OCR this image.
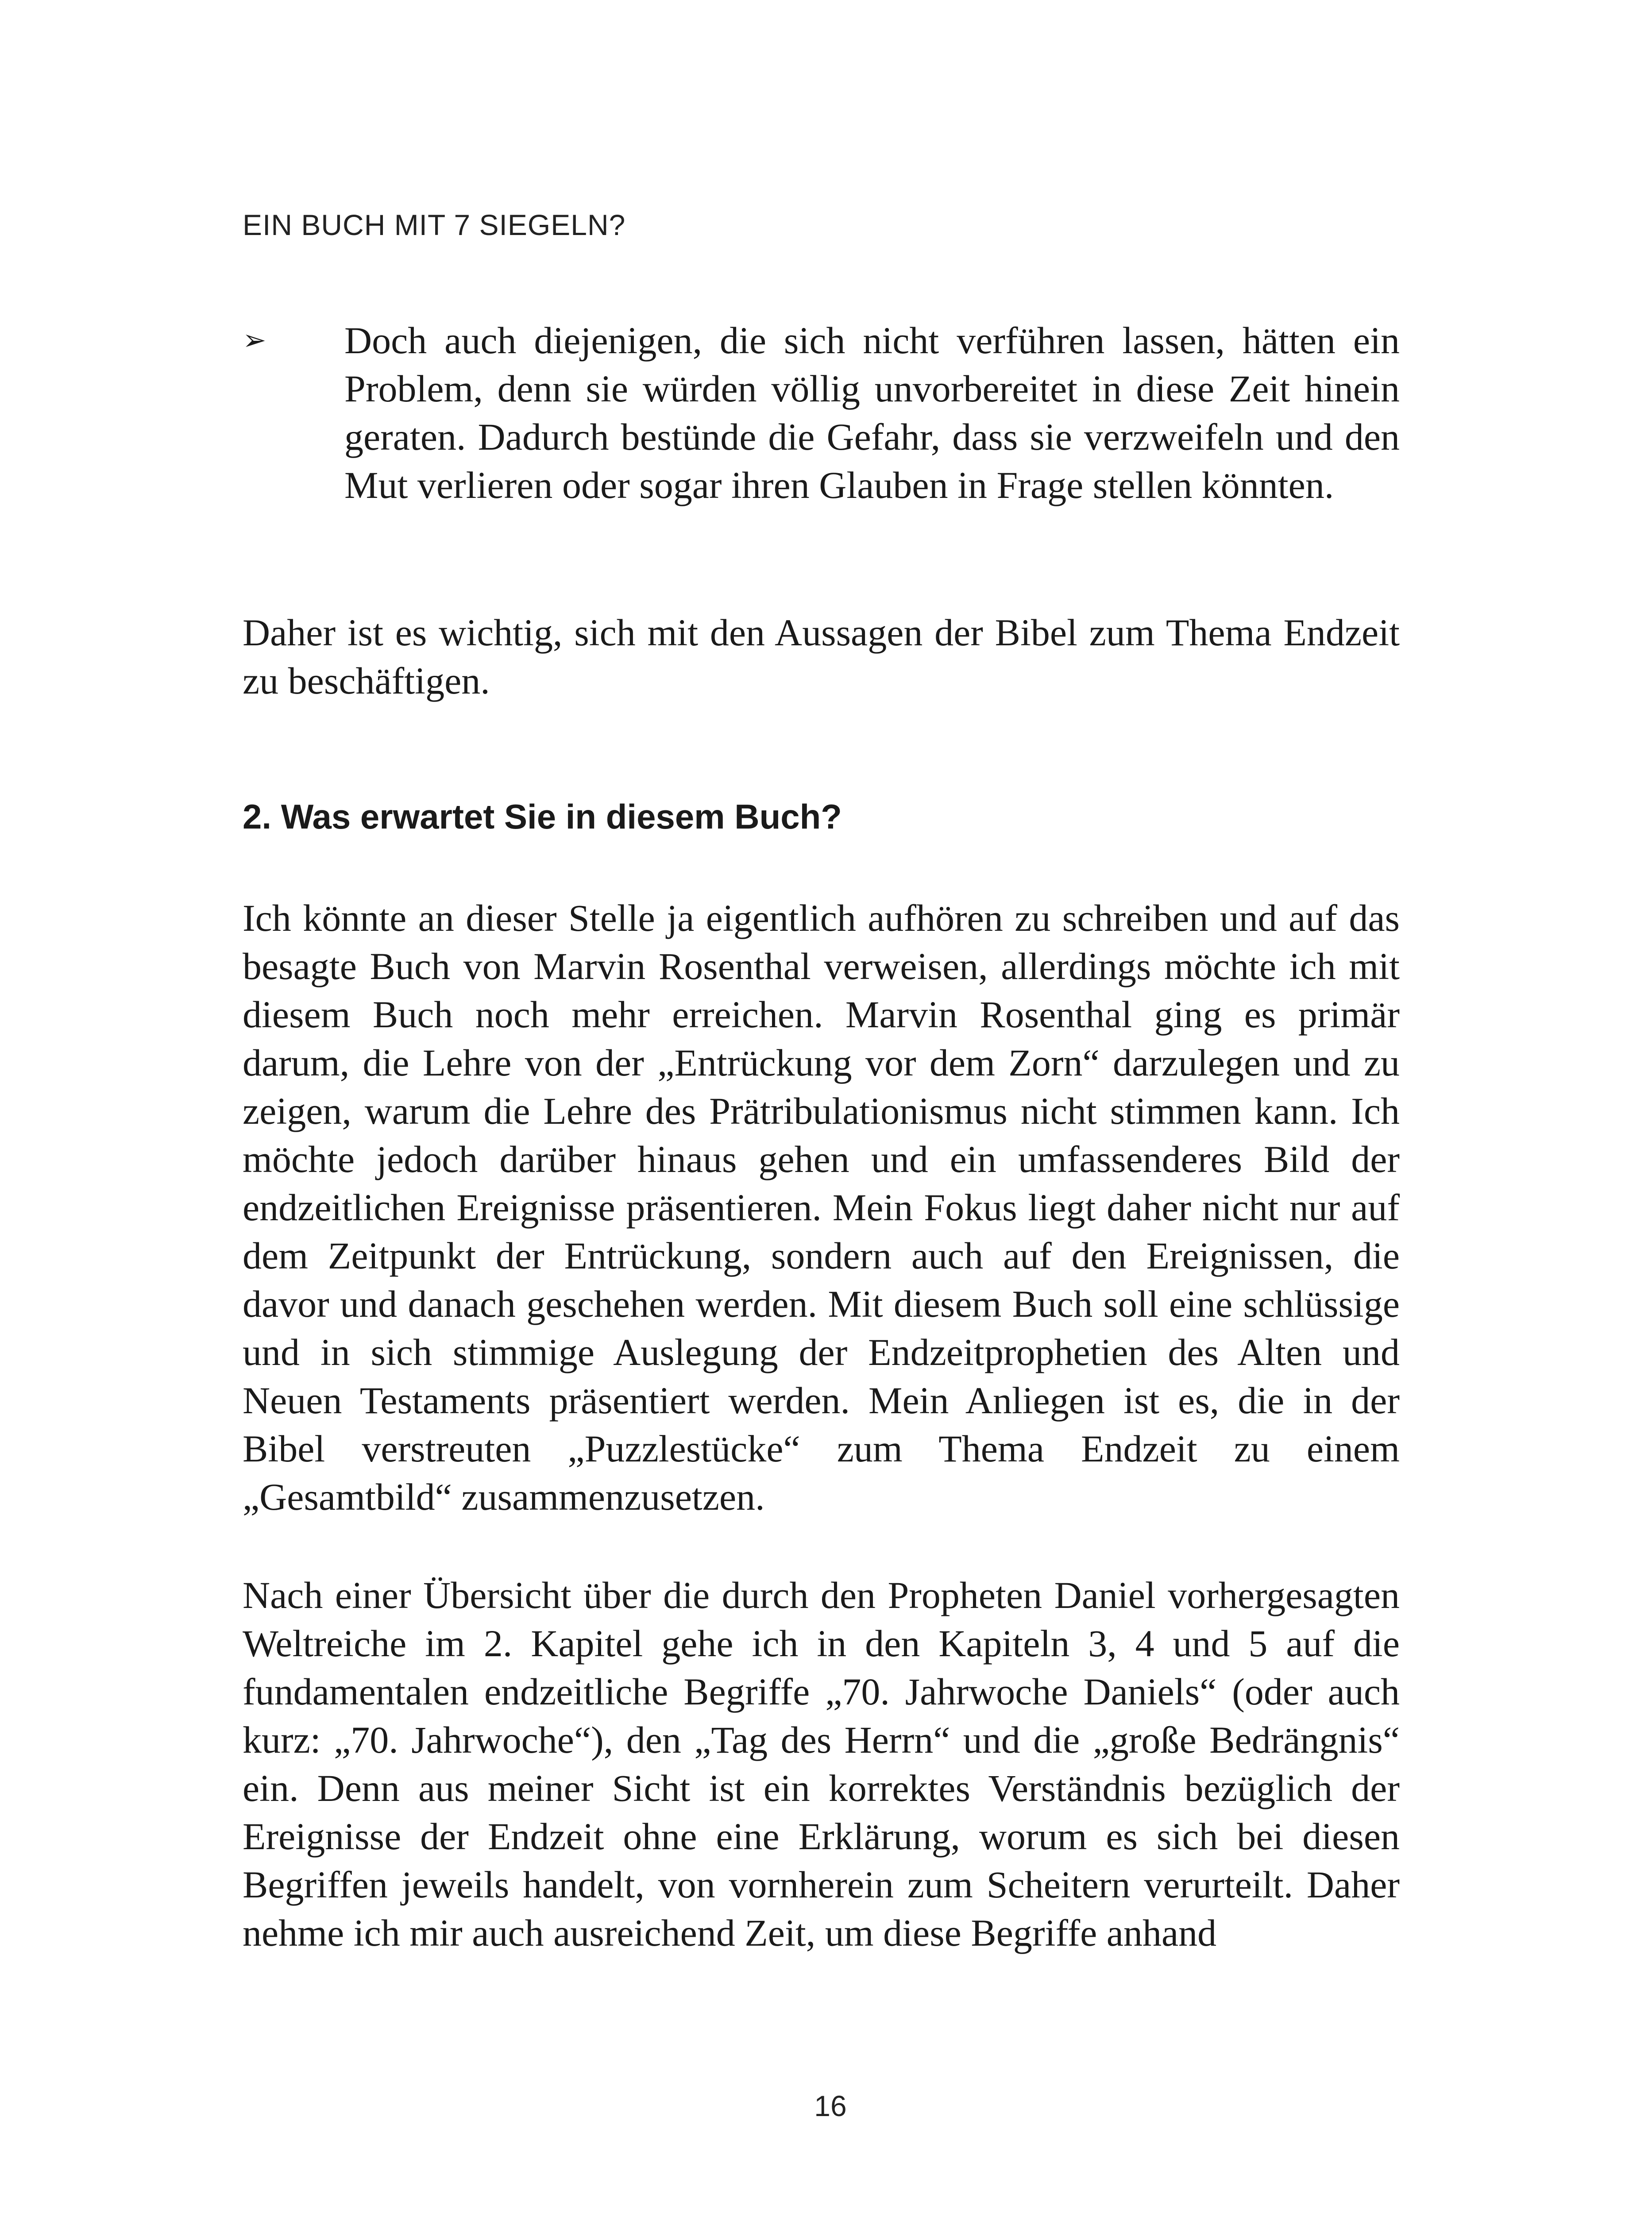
EIN BUCH MIT 7 SIEGELN?

➢ Doch auch diejenigen, die sich nicht verführen lassen, hätten ein Problem, denn sie würden völlig unvorbereitet in diese Zeit hinein geraten. Dadurch bestünde die Gefahr, dass sie verzweifeln und den Mut verlieren oder sogar ihren Glauben in Frage stellen könnten.

Daher ist es wichtig, sich mit den Aussagen der Bibel zum Thema Endzeit zu beschäftigen.

2. Was erwartet Sie in diesem Buch?

Ich könnte an dieser Stelle ja eigentlich aufhören zu schreiben und auf das besagte Buch von Marvin Rosenthal verweisen, allerdings möchte ich mit diesem Buch noch mehr erreichen. Marvin Rosenthal ging es primär darum, die Lehre von der „Entrückung vor dem Zorn“ darzulegen und zu zeigen, warum die Lehre des Prätribulationismus nicht stimmen kann. Ich möchte jedoch darüber hinaus gehen und ein umfassenderes Bild der endzeitlichen Ereignisse präsentieren. Mein Fokus liegt daher nicht nur auf dem Zeitpunkt der Entrückung, sondern auch auf den Ereignissen, die davor und danach geschehen werden. Mit diesem Buch soll eine schlüssige und in sich stimmige Auslegung der Endzeitprophetien des Alten und Neuen Testaments präsentiert werden. Mein Anliegen ist es, die in der Bibel verstreuten „Puzzlestücke“ zum Thema Endzeit zu einem „Gesamtbild“ zusammenzusetzen.

Nach einer Übersicht über die durch den Propheten Daniel vorhergesagten Weltreiche im 2. Kapitel gehe ich in den Kapiteln 3, 4 und 5 auf die fundamentalen endzeitliche Begriffe „70. Jahrwoche Daniels“ (oder auch kurz: „70. Jahrwoche“), den „Tag des Herrn“ und die „große Bedrängnis“ ein. Denn aus meiner Sicht ist ein korrektes Verständnis bezüglich der Ereignisse der Endzeit ohne eine Erklärung, worum es sich bei diesen Begriffen jeweils handelt, von vornherein zum Scheitern verurteilt. Daher nehme ich mir auch ausreichend Zeit, um diese Begriffe anhand

16
